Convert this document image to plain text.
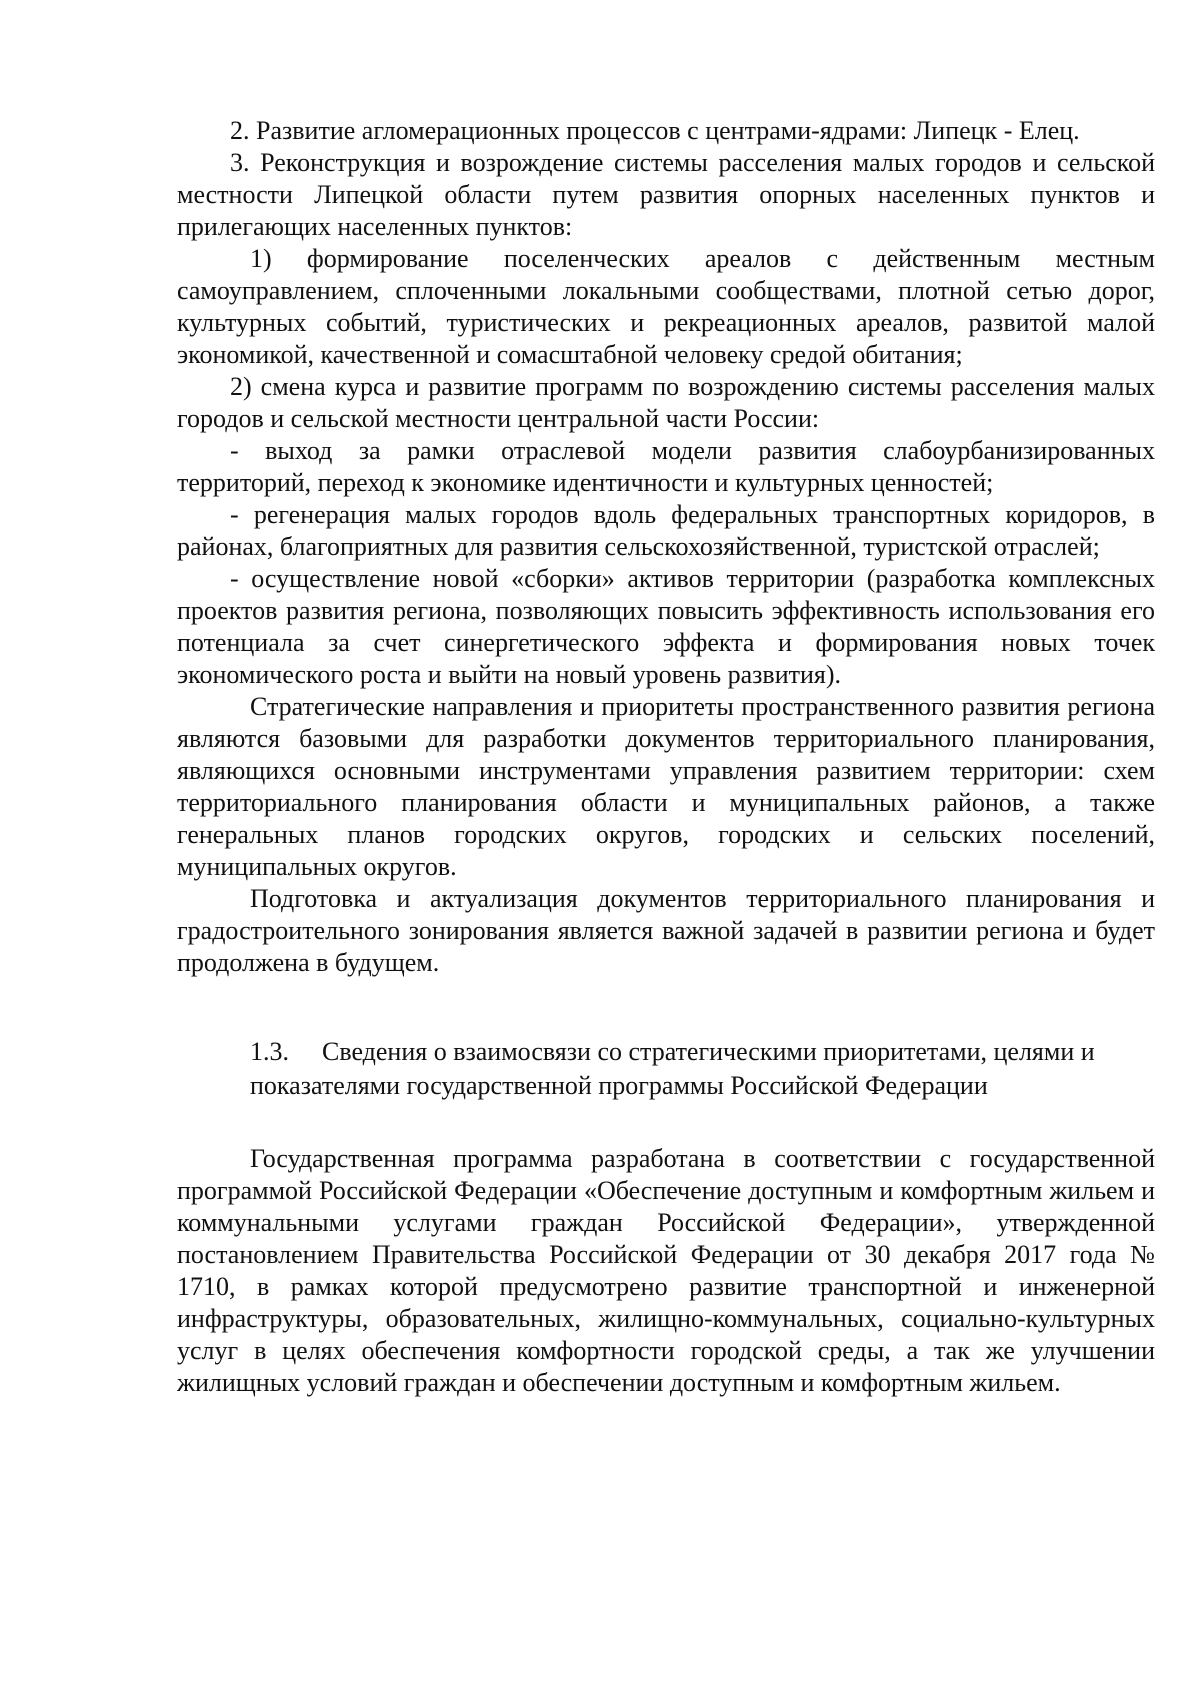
2. Развитие агломерационных процессов с центрами-ядрами: Липецк - Елец.

3. Реконструкция и возрождение системы расселения малых городов и сельской местности Липецкой области путем развития опорных населенных пунктов и прилегающих населенных пунктов:

1) формирование поселенческих ареалов с действенным местным самоуправлением, сплоченными локальными сообществами, плотной сетью дорог, культурных событий, туристических и рекреационных ареалов, развитой малой экономикой, качественной и сомасштабной человеку средой обитания;

2) смена курса и развитие программ по возрождению системы расселения малых городов и сельской местности центральной части России:

- выход за рамки отраслевой модели развития слабоурбанизированных территорий, переход к экономике идентичности и культурных ценностей;

- регенерация малых городов вдоль федеральных транспортных коридоров, в районах, благоприятных для развития сельскохозяйственной, туристской отраслей;

- осуществление новой «сборки» активов территории (разработка комплексных проектов развития региона, позволяющих повысить эффективность использования его потенциала за счет синергетического эффекта и формирования новых точек экономического роста и выйти на новый уровень развития).

Стратегические направления и приоритеты пространственного развития региона являются базовыми для разработки документов территориального планирования, являющихся основными инструментами управления развитием территории: схем территориального планирования области и муниципальных районов, а также генеральных планов городских округов, городских и сельских поселений, муниципальных округов.

Подготовка и актуализация документов территориального планирования и градостроительного зонирования является важной задачей в развитии региона и будет продолжена в будущем.

1.3. Сведения о взаимосвязи со стратегическими приоритетами, целями и показателями государственной программы Российской Федерации

Государственная программа разработана в соответствии с государственной программой Российской Федерации «Обеспечение доступным и комфортным жильем и коммунальными услугами граждан Российской Федерации», утвержденной постановлением Правительства Российской Федерации от 30 декабря 2017 года № 1710, в рамках которой предусмотрено развитие транспортной и инженерной инфраструктуры, образовательных, жилищно-коммунальных, социально-культурных услуг в целях обеспечения комфортности городской среды, а так же улучшении жилищных условий граждан и обеспечении доступным и комфортным жильем.
